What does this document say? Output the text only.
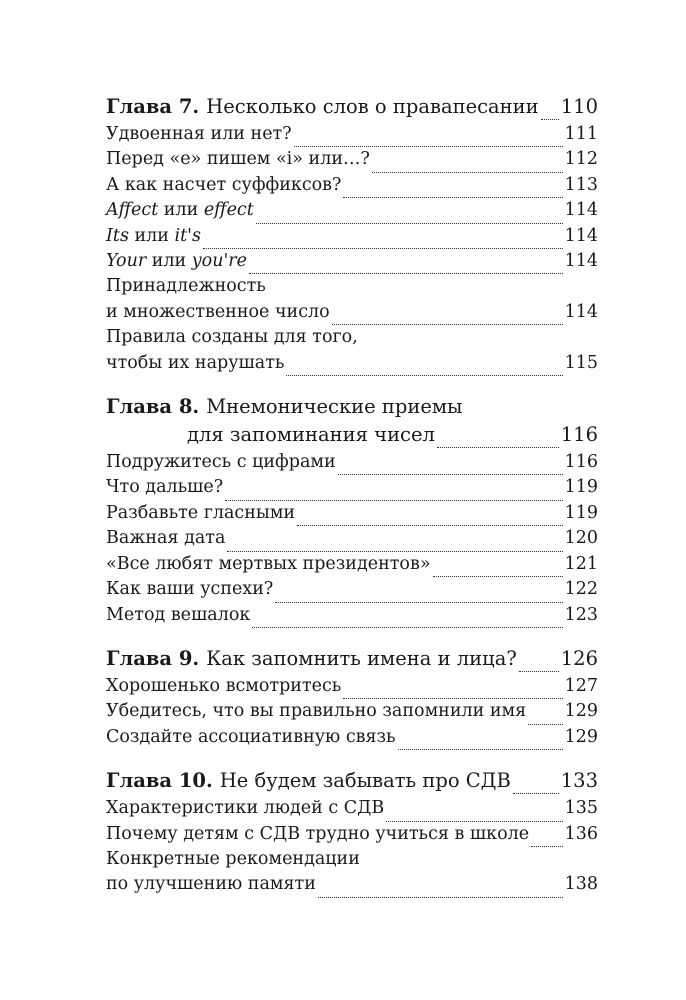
Глава 7. Несколько слов о правапесании 110
Удвоенная или нет?	111
Перед «е» пишем «i» или…?	112
А как насчет суффиксов?	113
Affect или effect	114
Its или it's	114
Your или you're	114
Принадлежность
и множественное число	114
Правила созданы для того,
чтобы их нарушать	115
Глава 8. Мнемонические приемы
для запоминания чисел	116
Подружитесь с цифрами	116
Что дальше?	119
Разбавьте гласными	119
Важная дата	120
«Все любят мертвых президентов»	121
Как ваши успехи?	122
Метод вешалок	123
Глава 9. Как запомнить имена и лица? 126
Хорошенько всмотритесь	127
Убедитесь, что вы правильно запомнили имя 129
Создайте ассоциативную связь	129
Глава 10. Не будем забывать про СДВ	133
Характеристики людей с СДВ	135
Почему детям с СДВ трудно учиться в школе 136
Конкретные рекомендации
по улучшению памяти	138
